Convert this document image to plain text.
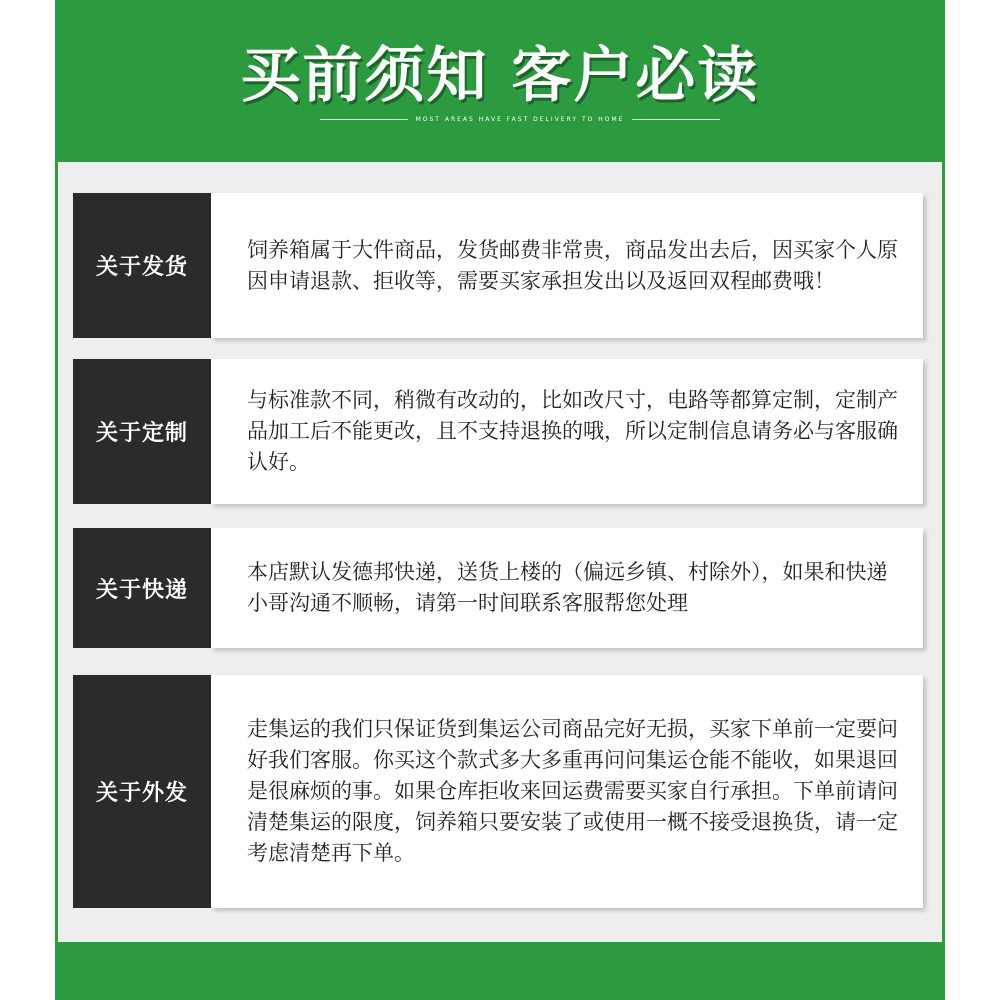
买前须知 客户必读
MOST AREAS HAVE FAST DELIVERY TO HOME
关于发货
饲养箱属于大件商品，发货邮费非常贵，商品发出去后，因买家个人原因申请退款、拒收等，需要买家承担发出以及返回双程邮费哦！
关于定制
与标准款不同，稍微有改动的，比如改尺寸，电路等都算定制，定制产品加工后不能更改，且不支持退换的哦，所以定制信息请务必与客服确认好。
关于快递
本店默认发德邦快递，送货上楼的（偏远乡镇、村除外），如果和快递小哥沟通不顺畅，请第一时间联系客服帮您处理
关于外发
走集运的我们只保证货到集运公司商品完好无损，买家下单前一定要问好我们客服。你买这个款式多大多重再问问集运仓能不能收，如果退回是很麻烦的事。如果仓库拒收来回运费需要买家自行承担。下单前请问清楚集运的限度，饲养箱只要安装了或使用一概不接受退换货，请一定考虑清楚再下单。
